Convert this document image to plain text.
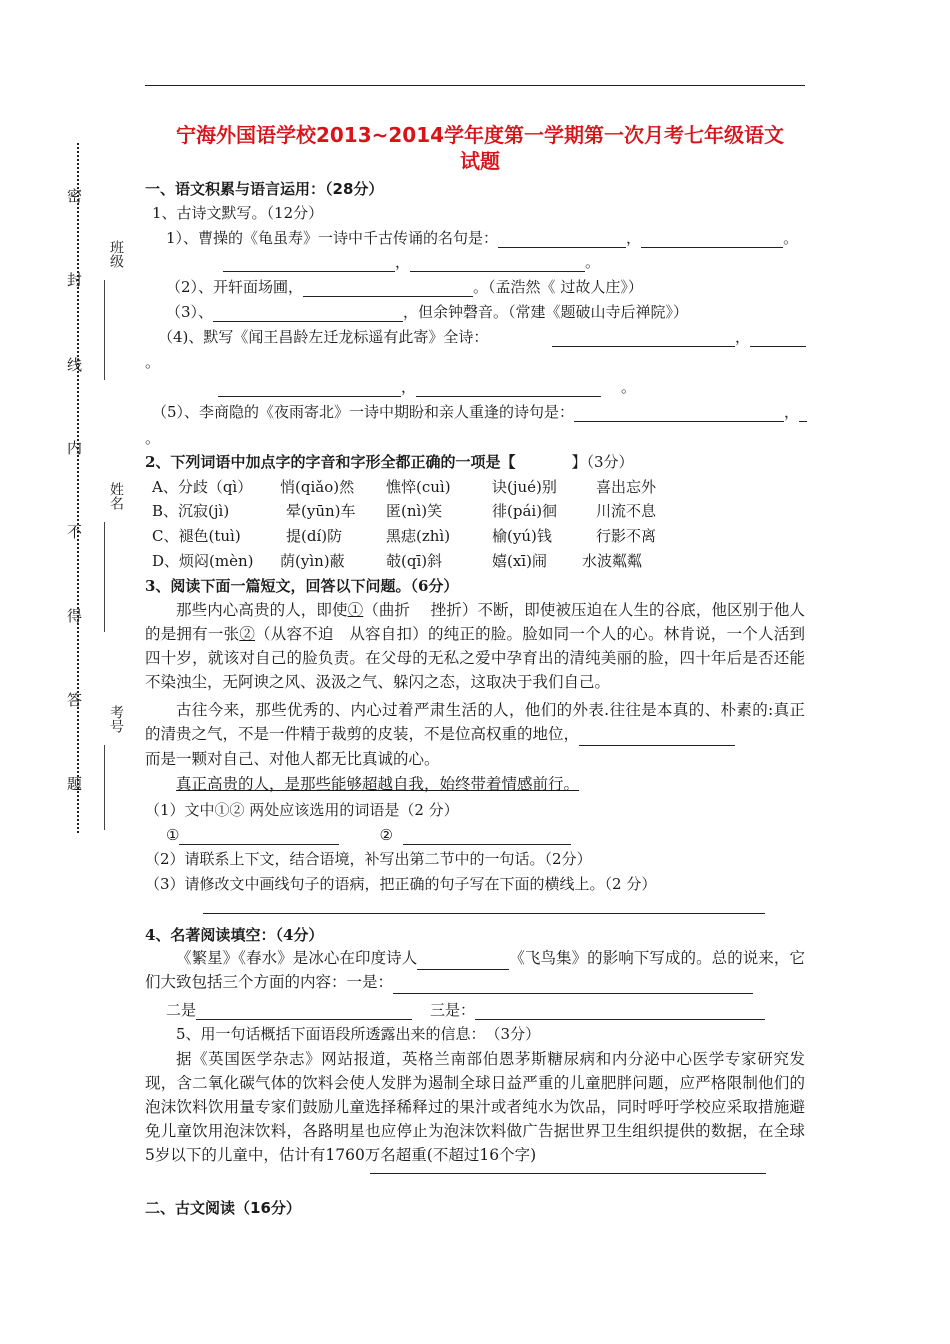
宁海外国语学校2013~2014学年度第一学期第一次月考七年级语文
试题
密
封
线
内
不
得
答
题
班级
姓名
考号
一、语文积累与语言运用：（28分）
1、古诗文默写。（12分）
1）、曹操的《龟虽寿》一诗中千古传诵的名句是：	，	。
，	。
（2）、开轩面场圃，	。（孟浩然《 过故人庄》）
（3）、	，但余钟磬音。（常建《题破山寺后禅院》）
（4)、默写《闻王昌龄左迁龙标遥有此寄》全诗：	，
。
，	。
（5）、李商隐的《夜雨寄北》一诗中期盼和亲人重逢的诗句是：	，
。
2、下列词语中加点字的字音和字形全都正确的一项是【	】（3分）
A、分歧（qì） 悄(qiǎo)然 憔悴(cuì)	诀(jué)别	喜出忘外
B、沉寂(jì)	晕(yūn)车 匿(nì)笑	徘(pái)徊	川流不息
C、褪色(tuì)	提(dí)防	黑痣(zhì)	榆(yú)钱	行影不离
D、烦闷(mèn) 荫(yìn)蔽	攲(qī)斜	嬉(xī)闹 水波粼粼
3、阅读下面一篇短文，回答以下问题。（6分）
那些内心高贵的人，即使①（曲折　 挫折）不断，即使被压迫在人生的谷底，他区别于他人的是拥有一张②（从容不迫　从容自扣）的纯正的脸。脸如同一个人的心。林肯说，一个人活到四十岁，就该对自己的脸负责。在父母的无私之爱中孕育出的清纯美丽的脸，四十年后是否还能不染浊尘，无阿谀之风、汲汲之气、躲闪之态，这取决于我们自己。
古往今来，那些优秀的、内心过着严肃生活的人，他们的外表.往往是本真的、朴素的:真正的清贵之气，不是一件精于裁剪的皮装，不是位高权重的地位，
而是一颗对自己、对他人都无比真诚的心。
真正高贵的人，是那些能够超越自我，始终带着情感前行。
（1）文中①② 两处应该选用的词语是（2 分）
①	②
（2）请联系上下文，结合语境，补写出第二节中的一句话。（2分）
（3）请修改文中画线句子的语病，把正确的句子写在下面的横线上。（2 分）
4、名著阅读填空：（4分）
《繁星》《春水》是冰心在印度诗人	《飞鸟集》的影响下写成的。总的说来，它们大致包括三个方面的内容：一是：
二是	三是：
5、用一句话概括下面语段所透露出来的信息：　（3分）
据《英国医学杂志》网站报道，英格兰南部伯恩茅斯糖尿病和内分泌中心医学专家研究发现，含二氧化碳气体的饮料会使人发胖为遏制全球日益严重的儿童肥胖问题，应严格限制他们的泡沫饮料饮用量专家们鼓励儿童选择稀释过的果汁或者纯水为饮品，同时呼吁学校应采取措施避免儿童饮用泡沫饮料，各路明星也应停止为泡沫饮料做广告据世界卫生组织提供的数据，在全球5岁以下的儿童中，估计有1760万名超重(不超过16个字)
二、古文阅读（16分）
